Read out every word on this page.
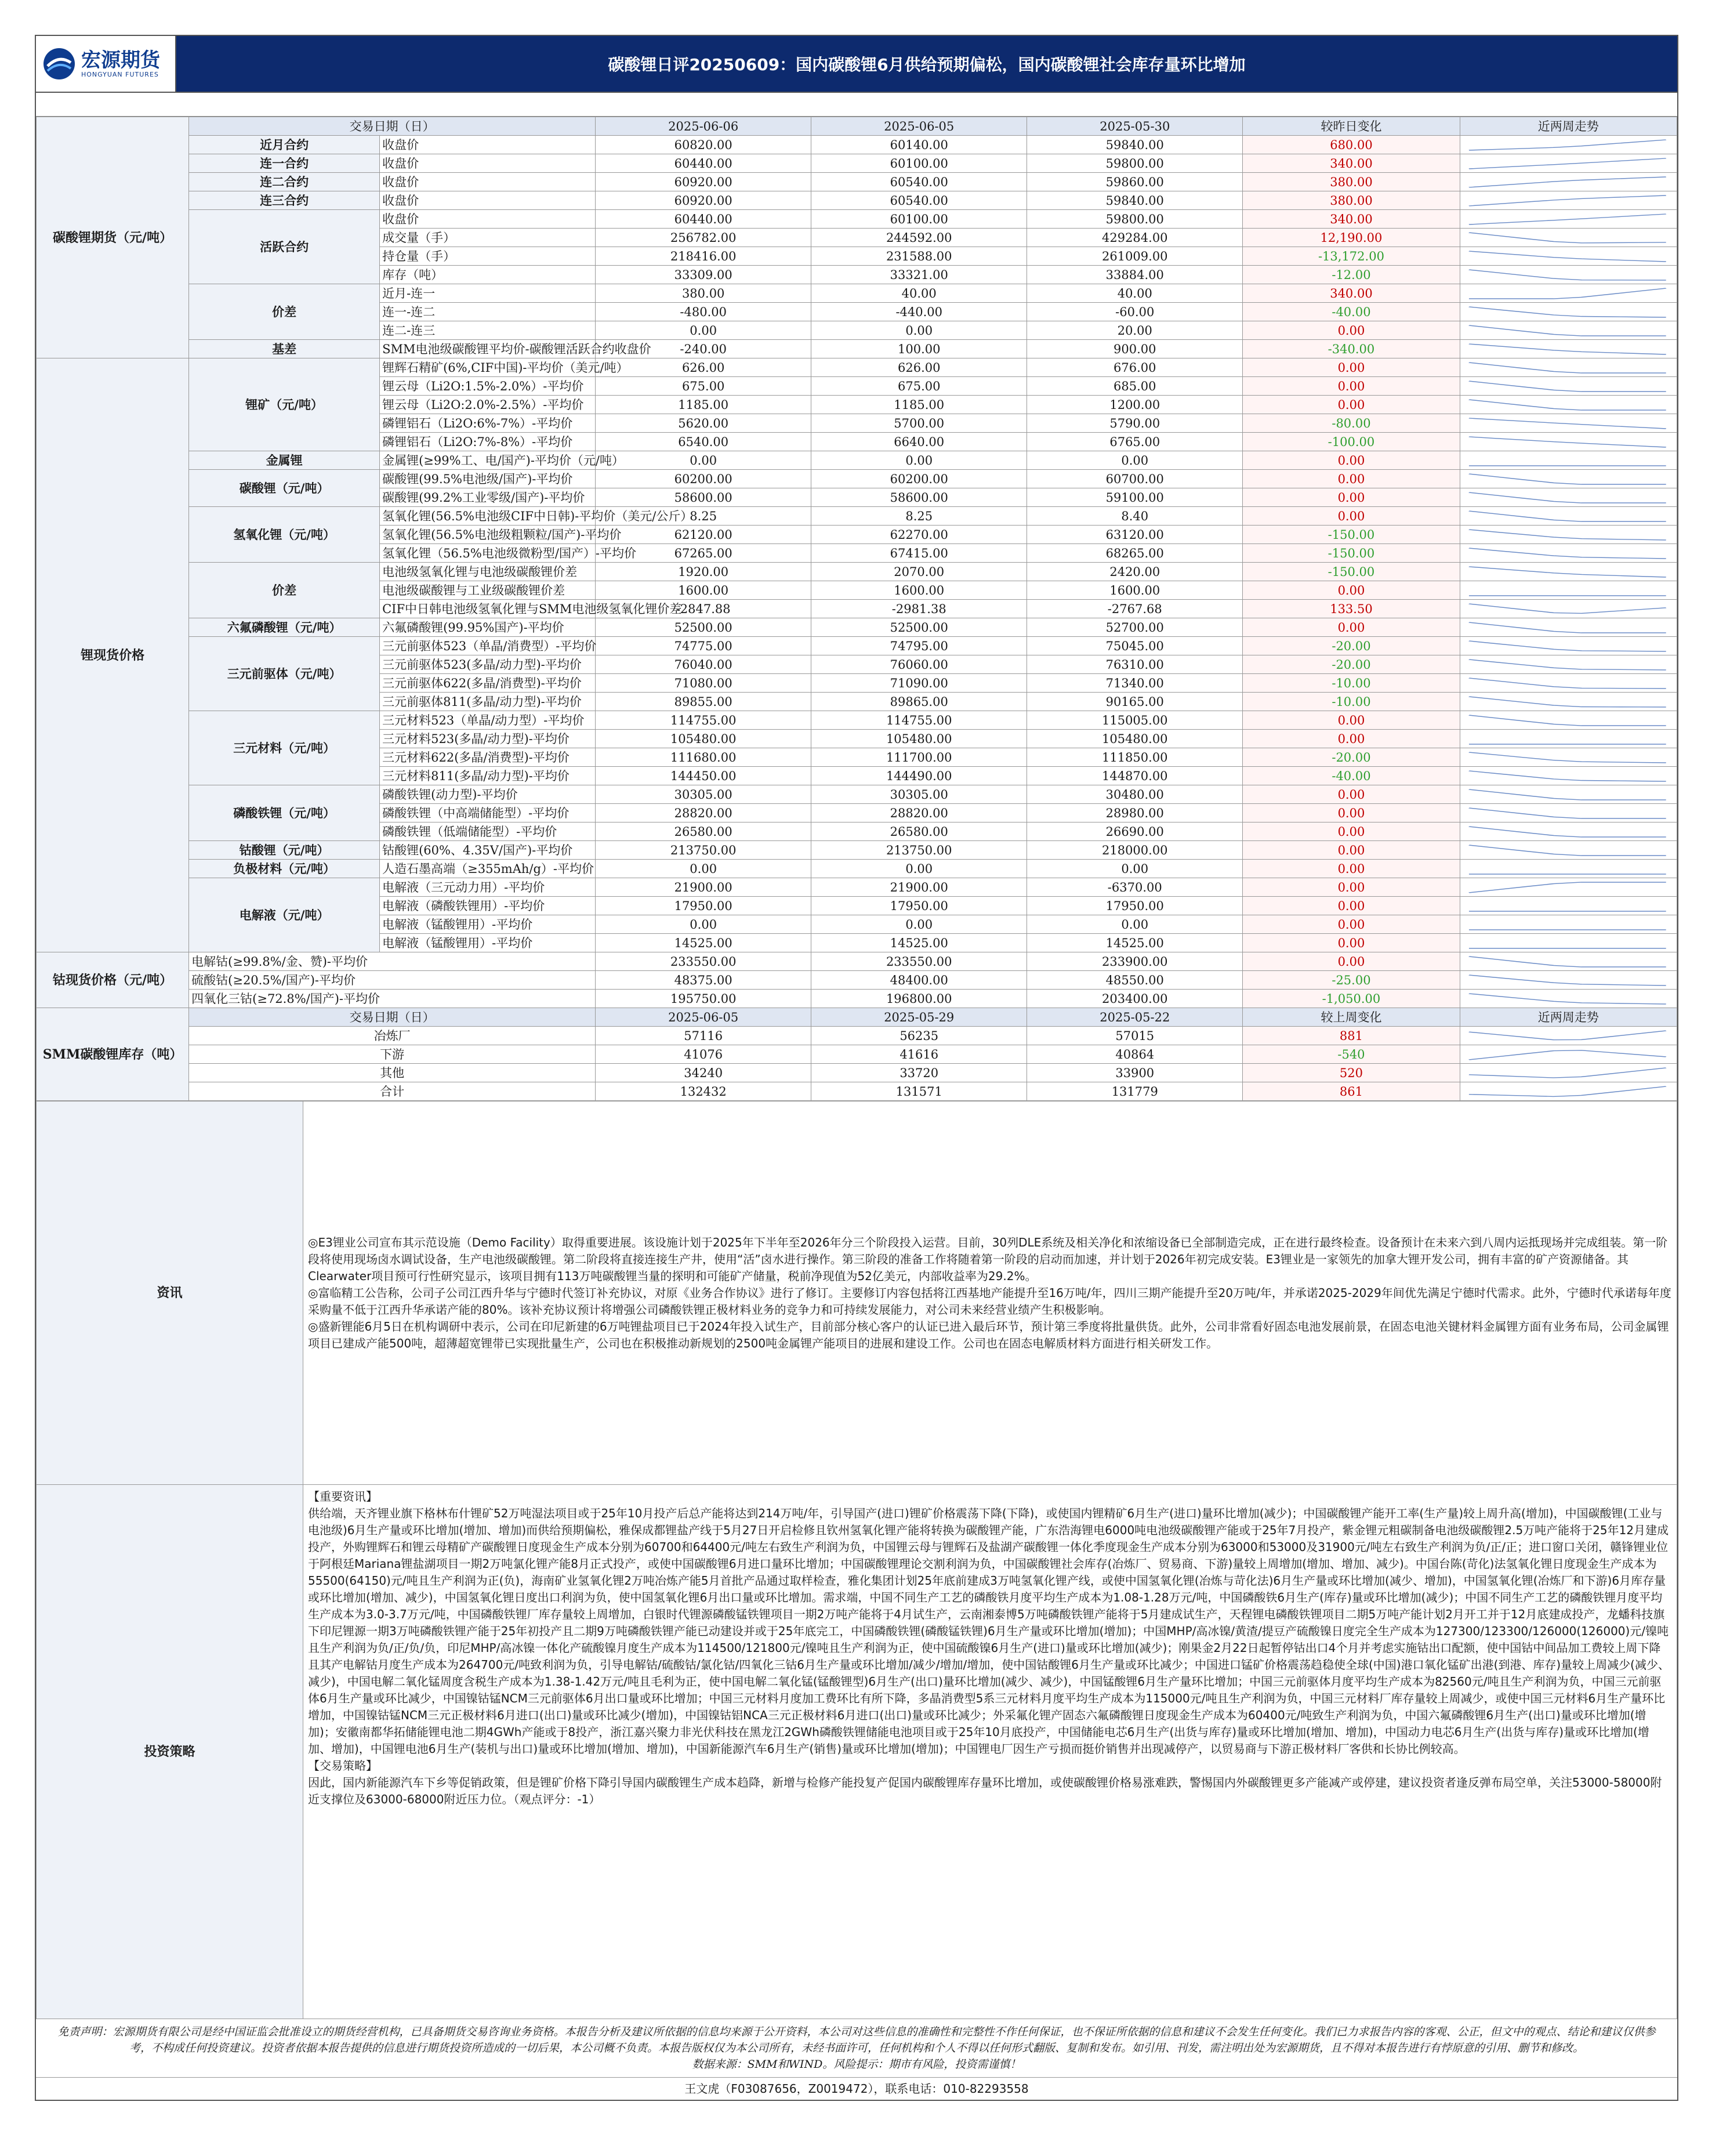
宏源期货
HONGYUAN FUTURES	碳酸锂日评20250609：国内碳酸锂6月供给预期偏松，国内碳酸锂社会库存量环比增加
碳酸锂期货（元/吨）	交易日期（日）		2025-06-06	2025-06-05	2025-05-30	较昨日变化	近两周走势
	近月合约	收盘价	60820.00	60140.00	59840.00	680.00	

	连一合约	收盘价	60440.00	60100.00	59800.00	340.00	

	连二合约	收盘价	60920.00	60540.00	59860.00	380.00	

	连三合约	收盘价	60920.00	60540.00	59840.00	380.00	

	活跃合约	收盘价	60440.00	60100.00	59800.00	340.00	

		成交量（手）	256782.00	244592.00	429284.00	12,190.00	

		持仓量（手）	218416.00	231588.00	261009.00	-13,172.00	

		库存（吨）	33309.00	33321.00	33884.00	-12.00	

	价差	近月-连一	380.00	40.00	40.00	340.00	

		连一-连二	-480.00	-440.00	-60.00	-40.00	

		连二-连三	0.00	0.00	20.00	0.00	

	基差	SMM电池级碳酸锂平均价-碳酸锂活跃合约收盘价	-240.00	100.00	900.00	-340.00	

锂现货价格	锂矿（元/吨）	锂辉石精矿(6%,CIF中国)-平均价（美元/吨）	626.00	626.00	676.00	0.00	

		锂云母（Li2O:1.5%-2.0%）-平均价	675.00	675.00	685.00	0.00	

		锂云母（Li2O:2.0%-2.5%）-平均价	1185.00	1185.00	1200.00	0.00	

		磷锂铝石（Li2O:6%-7%）-平均价	5620.00	5700.00	5790.00	-80.00	

		磷锂铝石（Li2O:7%-8%）-平均价	6540.00	6640.00	6765.00	-100.00	

	金属锂	金属锂(≥99%工、电/国产)-平均价（元/吨）	0.00	0.00	0.00	0.00	

	碳酸锂（元/吨）	碳酸锂(99.5%电池级/国产)-平均价	60200.00	60200.00	60700.00	0.00	

		碳酸锂(99.2%工业零级/国产)-平均价	58600.00	58600.00	59100.00	0.00	

	氢氧化锂（元/吨）	氢氧化锂(56.5%电池级CIF中日韩)-平均价（美元/公斤）	8.25	8.25	8.40	0.00	

		氢氧化锂(56.5%电池级粗颗粒/国产)-平均价	62120.00	62270.00	63120.00	-150.00	

		氢氧化锂（56.5%电池级微粉型/国产）-平均价	67265.00	67415.00	68265.00	-150.00	

	价差	电池级氢氧化锂与电池级碳酸锂价差	1920.00	2070.00	2420.00	-150.00	

		电池级碳酸锂与工业级碳酸锂价差	1600.00	1600.00	1600.00	0.00	

		CIF中日韩电池级氢氧化锂与SMM电池级氢氧化锂价差	-2847.88	-2981.38	-2767.68	133.50	

	六氟磷酸锂（元/吨）	六氟磷酸锂(99.95%国产)-平均价	52500.00	52500.00	52700.00	0.00	

	三元前驱体（元/吨）	三元前驱体523（单晶/消费型）-平均价	74775.00	74795.00	75045.00	-20.00	

		三元前驱体523(多晶/动力型)-平均价	76040.00	76060.00	76310.00	-20.00	

		三元前驱体622(多晶/消费型)-平均价	71080.00	71090.00	71340.00	-10.00	

		三元前驱体811(多晶/动力型)-平均价	89855.00	89865.00	90165.00	-10.00	

	三元材料（元/吨）	三元材料523（单晶/动力型）-平均价	114755.00	114755.00	115005.00	0.00	

		三元材料523(多晶/动力型)-平均价	105480.00	105480.00	105480.00	0.00	

		三元材料622(多晶/消费型)-平均价	111680.00	111700.00	111850.00	-20.00	

		三元材料811(多晶/动力型)-平均价	144450.00	144490.00	144870.00	-40.00	

	磷酸铁锂（元/吨）	磷酸铁锂(动力型)-平均价	30305.00	30305.00	30480.00	0.00	

		磷酸铁锂（中高端储能型）-平均价	28820.00	28820.00	28980.00	0.00	

		磷酸铁锂（低端储能型）-平均价	26580.00	26580.00	26690.00	0.00	

	钴酸锂（元/吨）	钴酸锂(60%、4.35V/国产)-平均价	213750.00	213750.00	218000.00	0.00	

	负极材料（元/吨）	人造石墨高端（≥355mAh/g）-平均价	0.00	0.00	0.00	0.00	

	电解液（元/吨）	电解液（三元动力用）-平均价	21900.00	21900.00	-6370.00	0.00	

		电解液（磷酸铁锂用）-平均价	17950.00	17950.00	17950.00	0.00	

		电解液（锰酸锂用）-平均价	0.00	0.00	0.00	0.00	

		电解液（锰酸锂用）-平均价	14525.00	14525.00	14525.00	0.00	

钴现货价格（元/吨）	电解钴(≥99.8%/金、赞)-平均价		233550.00	233550.00	233900.00	0.00	

	硫酸钴(≥20.5%/国产)-平均价		48375.00	48400.00	48550.00	-25.00	

	四氧化三钴(≥72.8%/国产)-平均价		195750.00	196800.00	203400.00	-1,050.00	

SMM碳酸锂库存（吨）	交易日期（日）		2025-06-05	2025-05-29	2025-05-22	较上周变化	近两周走势
	冶炼厂		57116	56235	57015	881	

	下游		41076	41616	40864	-540	

	其他		34240	33720	33900	520	

	合计		132432	131571	131779	861	
资讯	◎E3锂业公司宣布其示范设施（Demo Facility）取得重要进展。该设施计划于2025年下半年至2026年分三个阶段投入运营。目前，30列DLE系统及相关净化和浓缩设备已全部制造完成，正在进行最终检查。设备预计在未来六到八周内运抵现场并完成组装。第一阶段将使用现场卤水调试设备，生产电池级碳酸锂。第二阶段将直接连接生产井，使用“活”卤水进行操作。第三阶段的准备工作将随着第一阶段的启动而加速，并计划于2026年初完成安装。E3锂业是一家领先的加拿大锂开发公司，拥有丰富的矿产资源储备。其Clearwater项目预可行性研究显示，该项目拥有113万吨碳酸锂当量的探明和可能矿产储量，税前净现值为52亿美元，内部收益率为29.2%。

◎富临精工公告称，公司子公司江西升华与宁德时代签订补充协议，对原《业务合作协议》进行了修订。主要修订内容包括将江西基地产能提升至16万吨/年，四川三期产能提升至20万吨/年，并承诺2025-2029年间优先满足宁德时代需求。此外，宁德时代承诺每年度采购量不低于江西升华承诺产能的80%。该补充协议预计将增强公司磷酸铁锂正极材料业务的竞争力和可持续发展能力，对公司未来经营业绩产生积极影响。

◎盛新锂能6月5日在机构调研中表示，公司在印尼新建的6万吨锂盐项目已于2024年投入试生产，目前部分核心客户的认证已进入最后环节，预计第三季度将批量供货。此外，公司非常看好固态电池发展前景，在固态电池关键材料金属锂方面有业务布局，公司金属锂项目已建成产能500吨，超薄超宽锂带已实现批量生产，公司也在积极推动新规划的2500吨金属锂产能项目的进展和建设工作。公司也在固态电解质材料方面进行相关研发工作。

投资策略	【重要资讯】

供给端，天齐锂业旗下格林布什锂矿52万吨湿法项目或于25年10月投产后总产能将达到214万吨/年，引导国产(进口)锂矿价格震荡下降(下降)，或使国内锂精矿6月生产(进口)量环比增加(减少)；中国碳酸锂产能开工率(生产量)较上周升高(增加)，中国碳酸锂(工业与电池级)6月生产量或环比增加(增加、增加)而供给预期偏松，雅保成都锂盐产线于5月27日开启检修且钦州氢氧化锂产能将转换为碳酸锂产能，广东浩海锂电6000吨电池级碳酸锂产能或于25年7月投产，紫金锂元粗碳制备电池级碳酸锂2.5万吨产能将于25年12月建成投产，外购锂辉石和锂云母精矿产碳酸锂日度现金生产成本分别为60700和64400元/吨左右致生产利润为负，中国锂云母与锂辉石及盐湖产碳酸锂一体化季度现金生产成本分别为63000和53000及31900元/吨左右致生产利润为负/正/正；进口窗口关闭，赣锋锂业位于阿根廷Mariana锂盐湖项目一期2万吨氯化锂产能8月正式投产，或使中国碳酸锂6月进口量环比增加；中国碳酸锂理论交割利润为负，中国碳酸锂社会库存(冶炼厂、贸易商、下游)量较上周增加(增加、增加、减少)。中国台陈(苛化)法氢氧化锂日度现金生产成本为55500(64150)元/吨且生产利润为正(负)，海南矿业氢氧化锂2万吨冶炼产能5月首批产品通过取样检查，雅化集团计划25年底前建成3万吨氢氧化锂产线，或使中国氢氧化锂(冶炼与苛化法)6月生产量或环比增加(减少、增加)，中国氢氧化锂(冶炼厂和下游)6月库存量或环比增加(增加、减少)，中国氢氧化锂日度出口利润为负，使中国氢氧化锂6月出口量或环比增加。需求端，中国不同生产工艺的磷酸铁月度平均生产成本为1.08-1.28万元/吨，中国磷酸铁6月生产(库存)量或环比增加(减少)；中国不同生产工艺的磷酸铁锂月度平均生产成本为3.0-3.7万元/吨，中国磷酸铁锂厂库存量较上周增加，白银时代锂源磷酸锰铁锂项目一期2万吨产能将于4月试生产，云南湘泰博5万吨磷酸铁锂产能将于5月建成试生产，天程锂电磷酸铁锂项目二期5万吨产能计划2月开工并于12月底建成投产，龙蟠科技旗下印尼锂源一期3万吨磷酸铁锂产能于25年初投产且二期9万吨磷酸铁锂产能已动建设并或于25年底完工，中国磷酸铁锂(磷酸锰铁锂)6月生产量或环比增加(增加)；中国MHP/高冰镍/黄渣/提豆产硫酸镍日度完全生产成本为127300/123300/126000(126000)元/镍吨且生产利润为负/正/负/负，印尼MHP/高冰镍一体化产硫酸镍月度生产成本为114500/121800元/镍吨且生产利润为正，使中国硫酸镍6月生产(进口)量或环比增加(减少)；刚果金2月22日起暂停钴出口4个月并考虑实施钴出口配额，使中国钴中间品加工费较上周下降且其产电解钴月度生产成本为264700元/吨致利润为负，引导电解钴/硫酸钴/氯化钴/四氧化三钴6月生产量或环比增加/减少/增加/增加，使中国钴酸锂6月生产量或环比减少；中国进口锰矿价格震荡趋稳使全球(中国)港口氧化锰矿出港(到港、库存)量较上周减少(减少、减少)，中国电解二氧化锰周度含税生产成本为1.38-1.42万元/吨且毛利为正，使中国电解二氧化锰(锰酸锂型)6月生产(出口)量环比增加(减少、减少)，中国锰酸锂6月生产量环比增加；中国三元前驱体月度平均生产成本为82560元/吨且生产利润为负，中国三元前驱体6月生产量或环比减少，中国镍钴锰NCM三元前驱体6月出口量或环比增加；中国三元材料月度加工费环比有所下降，多晶消费型5系三元材料月度平均生产成本为115000元/吨且生产利润为负，中国三元材料厂库存量较上周减少，或使中国三元材料6月生产量环比增加，中国镍钴锰NCM三元正极材料6月进口(出口)量或环比减少(增加)，中国镍钴铝NCA三元正极材料6月进口(出口)量或环比减少；外采氟化锂产固态六氟磷酸锂日度现金生产成本为60400元/吨致生产利润为负，中国六氟磷酸锂6月生产(出口)量或环比增加(增加)；安徽南都华拓储能锂电池二期4GWh产能或于8投产，浙江嘉兴聚力非光伏科技在黑龙江2GWh磷酸铁锂储能电池项目或于25年10月底投产，中国储能电芯6月生产(出货与库存)量或环比增加(增加、增加)，中国动力电芯6月生产(出货与库存)量或环比增加(增加、增加)，中国锂电池6月生产(装机与出口)量或环比增加(增加、增加)，中国新能源汽车6月生产(销售)量或环比增加(增加)；中国锂电厂因生产亏损而挺价销售并出现减停产，以贸易商与下游正极材料厂客供和长协比例较高。

【交易策略】

因此，国内新能源汽车下乡等促销政策，但是锂矿价格下降引导国内碳酸锂生产成本趋降，新增与检修产能投复产促国内碳酸锂库存量环比增加，或使碳酸锂价格易涨难跌，警惕国内外碳酸锂更多产能减产或停建，建议投资者逢反弹布局空单，关注53000-58000附近支撑位及63000-68000附近压力位。（观点评分：-1）

免责声明：宏源期货有限公司是经中国证监会批准设立的期货经营机构，已具备期货交易咨询业务资格。本报告分析及建议所依据的信息均来源于公开资料，本公司对这些信息的准确性和完整性不作任何保证，也不保证所依据的信息和建议不会发生任何变化。我们已力求报告内容的客观、公正，但文中的观点、结论和建议仅供参考，不构成任何投资建议。投资者依据本报告提供的信息进行期货投资所造成的一切后果，本公司概不负责。本报告版权仅为本公司所有，未经书面许可，任何机构和个人不得以任何形式翻版、复制和发布。如引用、刊发，需注明出处为宏源期货，且不得对本报告进行有悖原意的引用、删节和修改。
数据来源：SMM和WIND。风险提示：期市有风险，投资需谨慎！
王文虎（F03087656，Z0019472），联系电话：010-82293558
